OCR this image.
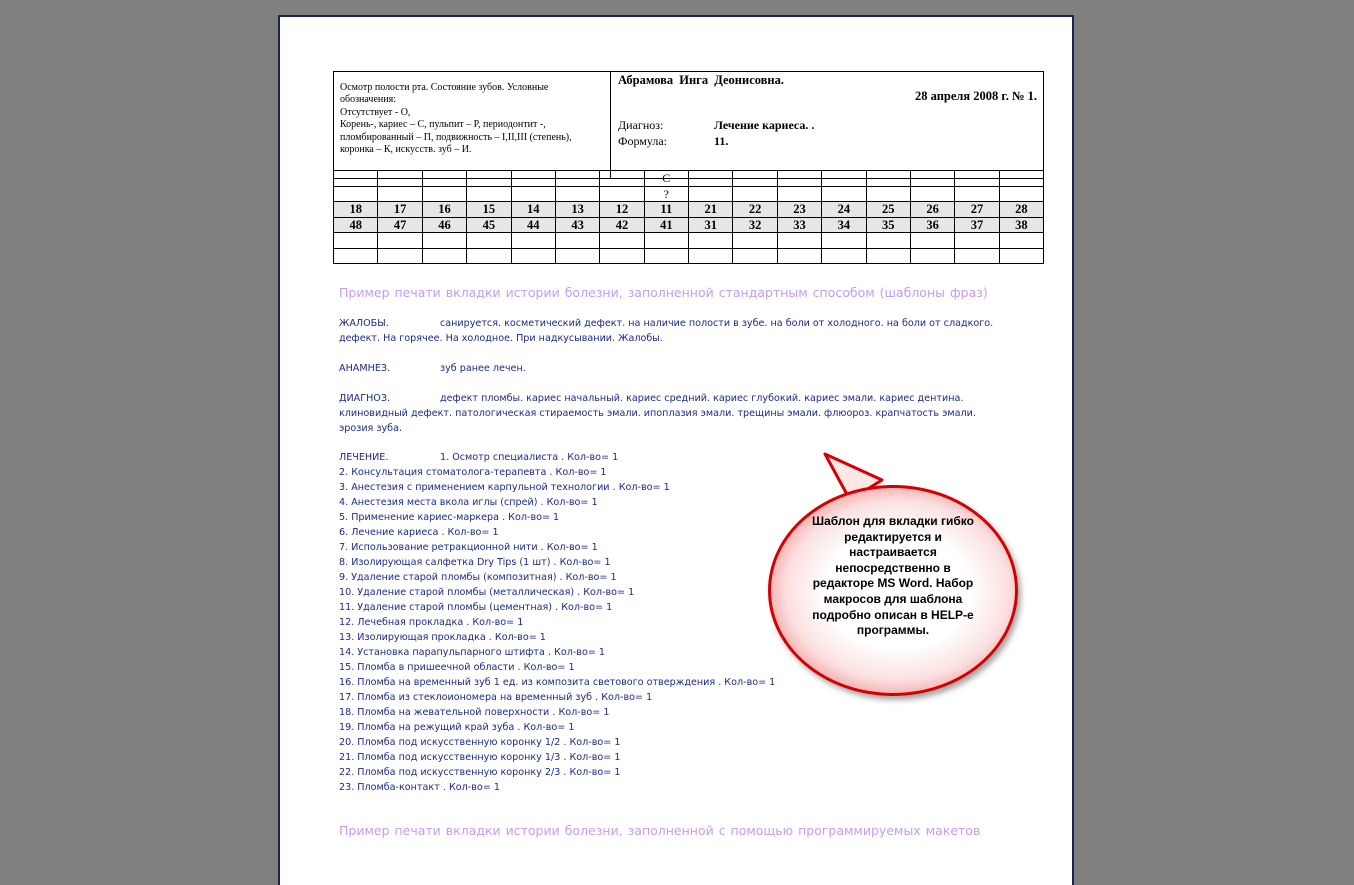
Осмотр полости рта. Состояние зубов. Условные
обозначения:
Отсутствует - О,
Корень-, кариес – С, пульпит – Р, периодонтит -,
пломбированный – П, подвижность – I,II,III (степень),
коронка – К, искусств. зуб – И.

Абрамова Инга Деонисовна.
28 апреля 2008 г. № 1.
Диагноз:	Лечение кариеса. .
Формула:	11.
							С								
							?								
18	17	16	15	14	13	12	11	21	22	23	24	25	26	27	28
48	47	46	45	44	43	42	41	31	32	33	34	35	36	37	38

Пример печати вкладки истории болезни, заполненной стандартным способом (шаблоны фраз)
ЖАЛОБЫ.	санируется. косметический дефект. на наличие полости в зубе. на боли от холодного. на боли от сладкого.
дефект. На горячее. На холодное. При надкусывании. Жалобы.
АНАМНЕЗ.	зуб ранее лечен.
ДИАГНОЗ.	дефект пломбы. кариес начальный. кариес средний. кариес глубокий. кариес эмали. кариес дентина.
клиновидный дефект. патологическая стираемость эмали. ипоплазия эмали. трещины эмали. флюороз. крапчатость эмали.
эрозия зуба.
ЛЕЧЕНИЕ.	1. Осмотр специалиста . Кол-во= 1
2. Консультация стоматолога-терапевта . Кол-во= 1
3. Анестезия с применением карпульной технологии . Кол-во= 1
4. Анестезия места вкола иглы (спрей) . Кол-во= 1
5. Применение кариес-маркера . Кол-во= 1
6. Лечение кариеса . Кол-во= 1
7. Использование ретракционной нити . Кол-во= 1
8. Изолирующая салфетка Dry Tips (1 шт) . Кол-во= 1
9. Удаление старой пломбы (композитная) . Кол-во= 1
10. Удаление старой пломбы (металлическая) . Кол-во= 1
11. Удаление старой пломбы (цементная) . Кол-во= 1
12. Лечебная прокладка . Кол-во= 1
13. Изолирующая прокладка . Кол-во= 1
14. Установка парапульпарного штифта . Кол-во= 1
15. Пломба в пришеечной области . Кол-во= 1
16. Пломба на временный зуб 1 ед. из композита светового отверждения . Кол-во= 1
17. Пломба из стеклоиономера на временный зуб . Кол-во= 1
18. Пломба на жевательной поверхности . Кол-во= 1
19. Пломба на режущий край зуба . Кол-во= 1
20. Пломба под искусственную коронку 1/2 . Кол-во= 1
21. Пломба под искусственную коронку 1/3 . Кол-во= 1
22. Пломба под искусственную коронку 2/3 . Кол-во= 1
23. Пломба-контакт . Кол-во= 1
Пример печати вкладки истории болезни, заполненной с помощью программируемых макетов
Шаблон для вкладки гибко
редактируется и
настраивается
непосредственно в
редакторе MS Word. Набор
макросов для шаблона
подробно описан в HELP-е
программы.
